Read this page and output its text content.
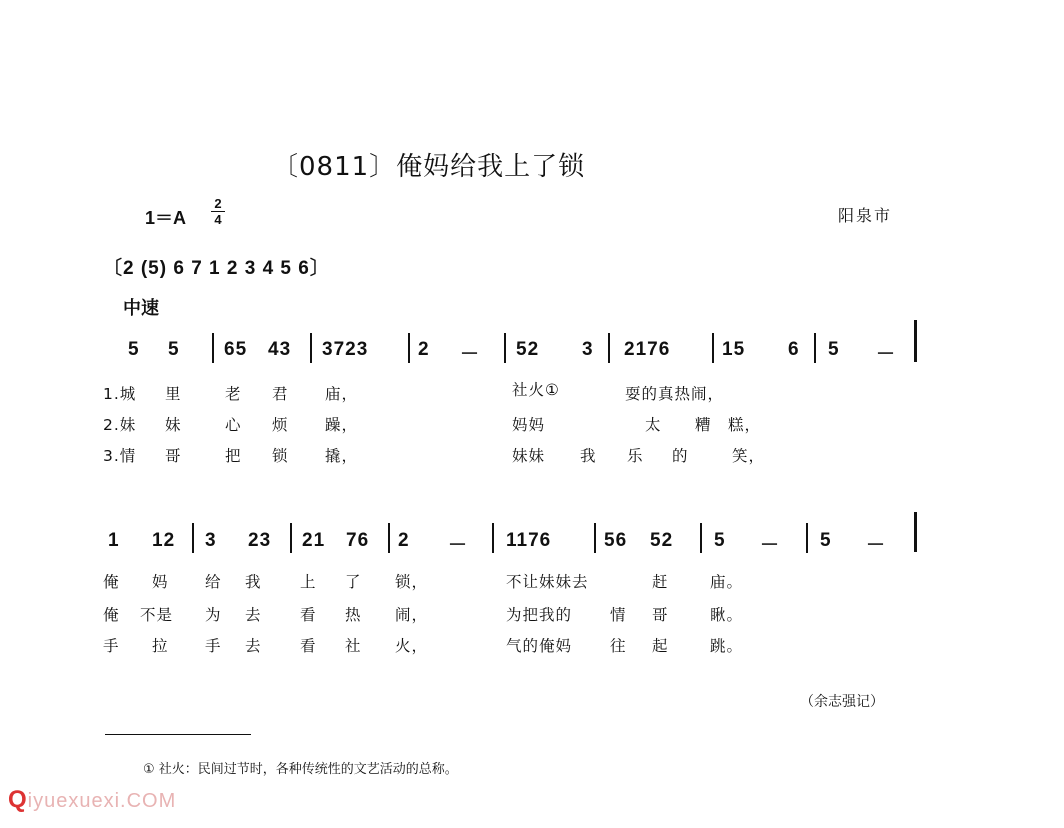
〔0811〕俺妈给我上了锁
1＝A
2
4	阳泉市
〔2 (5) 6 7 1 2 3 4 5 6〕
中速
5 5 65 43 3723	2 － 52 3 2176	15 6 5 －
1.城 里	老 君 庙，	社火①	耍的真热闹，
2.妹 妹	心 烦 躁，	妈妈	太 糟 糕，
3.情 哥	把 锁 撬，	妹妹 我 乐 的	笑，
1 12 3 23 21 76 2 － 1176	56 52 5 － 5 －
俺 妈 给 我 上 了 锁，	不让妹妹去	赶	庙。
俺 不是 为 去 看 热 闹，	为把我的 情 哥	瞅。
手 拉 手 去 看 社 火，	气的俺妈 往 起	跳。
（余志强记）
① 社火：民间过节时，各种传统性的文艺活动的总称。
Qiyuexuexi.COM
